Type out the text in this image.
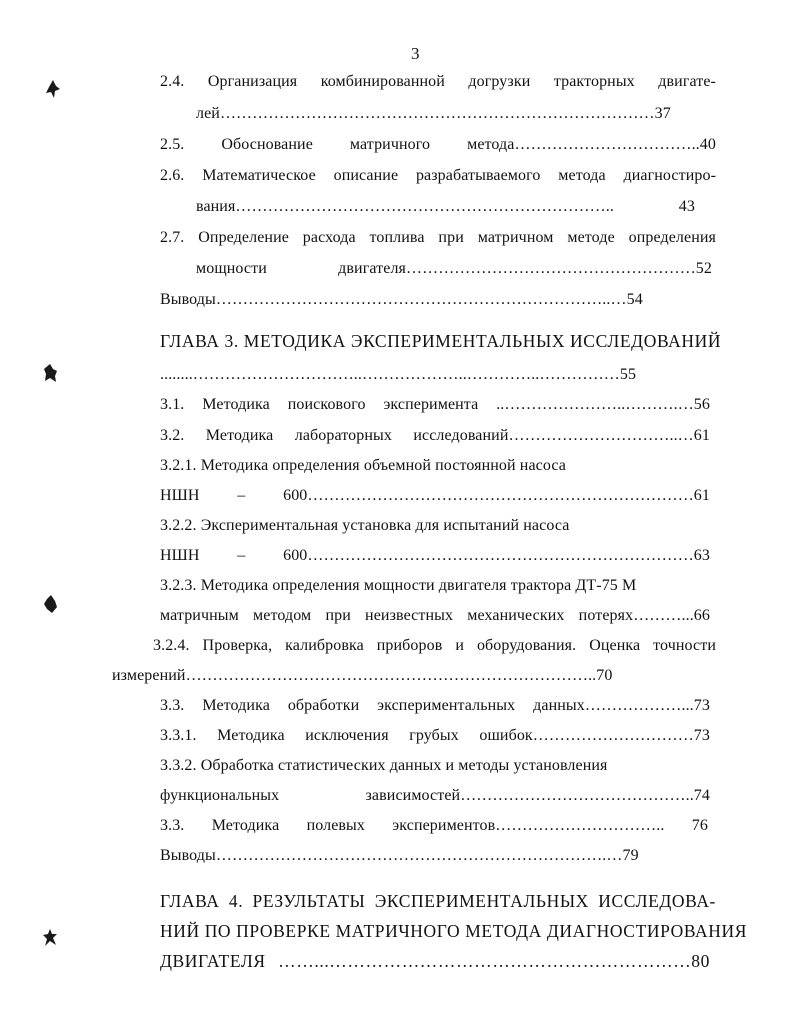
3
2.4. Организация комбинированной догрузки тракторных двигате-
лей………………………………………………………………………37
2.5. Обоснование матричного метода……………………………..40
2.6. Математическое описание разрабатываемого метода диагностиро-
вания…………………………………………………………….. 43
2.7. Определение расхода топлива при матричном методе определения
мощности двигателя………………………………………………52
Выводы………………………………………………………………..…54
ГЛАВА 3. МЕТОДИКА ЭКСПЕРИМЕНТАЛЬНЫХ ИССЛЕДОВАНИЙ
........…………………………..………………..…………..……………55
3.1. Методика поискового эксперимента ..…………………..……….…56
3.2. Методика лабораторных исследований…………………………..…61
3.2.1. Методика определения объемной постоянной насоса
НШН – 600………………………………………………………………61
3.2.2. Экспериментальная установка для испытаний насоса
НШН – 600………………………………………………………………63
3.2.3. Методика определения мощности двигателя трактора ДТ-75 М
матричным методом при неизвестных механических потерях………...66
3.2.4. Проверка, калибровка приборов и оборудования. Оценка точности
измерений…………………………………………………………………..70
3.3. Методика обработки экспериментальных данных………………...73
3.3.1. Методика исключения грубых ошибок…………………………73
3.3.2. Обработка статистических данных и методы установления
функциональных зависимостей……………………………………..74
3.3. Методика полевых экспериментов………………………….. 76
Выводы……………………………………………………………….…79
ГЛАВА 4. РЕЗУЛЬТАТЫ ЭКСПЕРИМЕНТАЛЬНЫХ ИССЛЕДОВА-
НИЙ ПО ПРОВЕРКЕ МАТРИЧНОГО МЕТОДА ДИАГНОСТИРОВАНИЯ
ДВИГАТЕЛЯ ……...……………………………………………………80
